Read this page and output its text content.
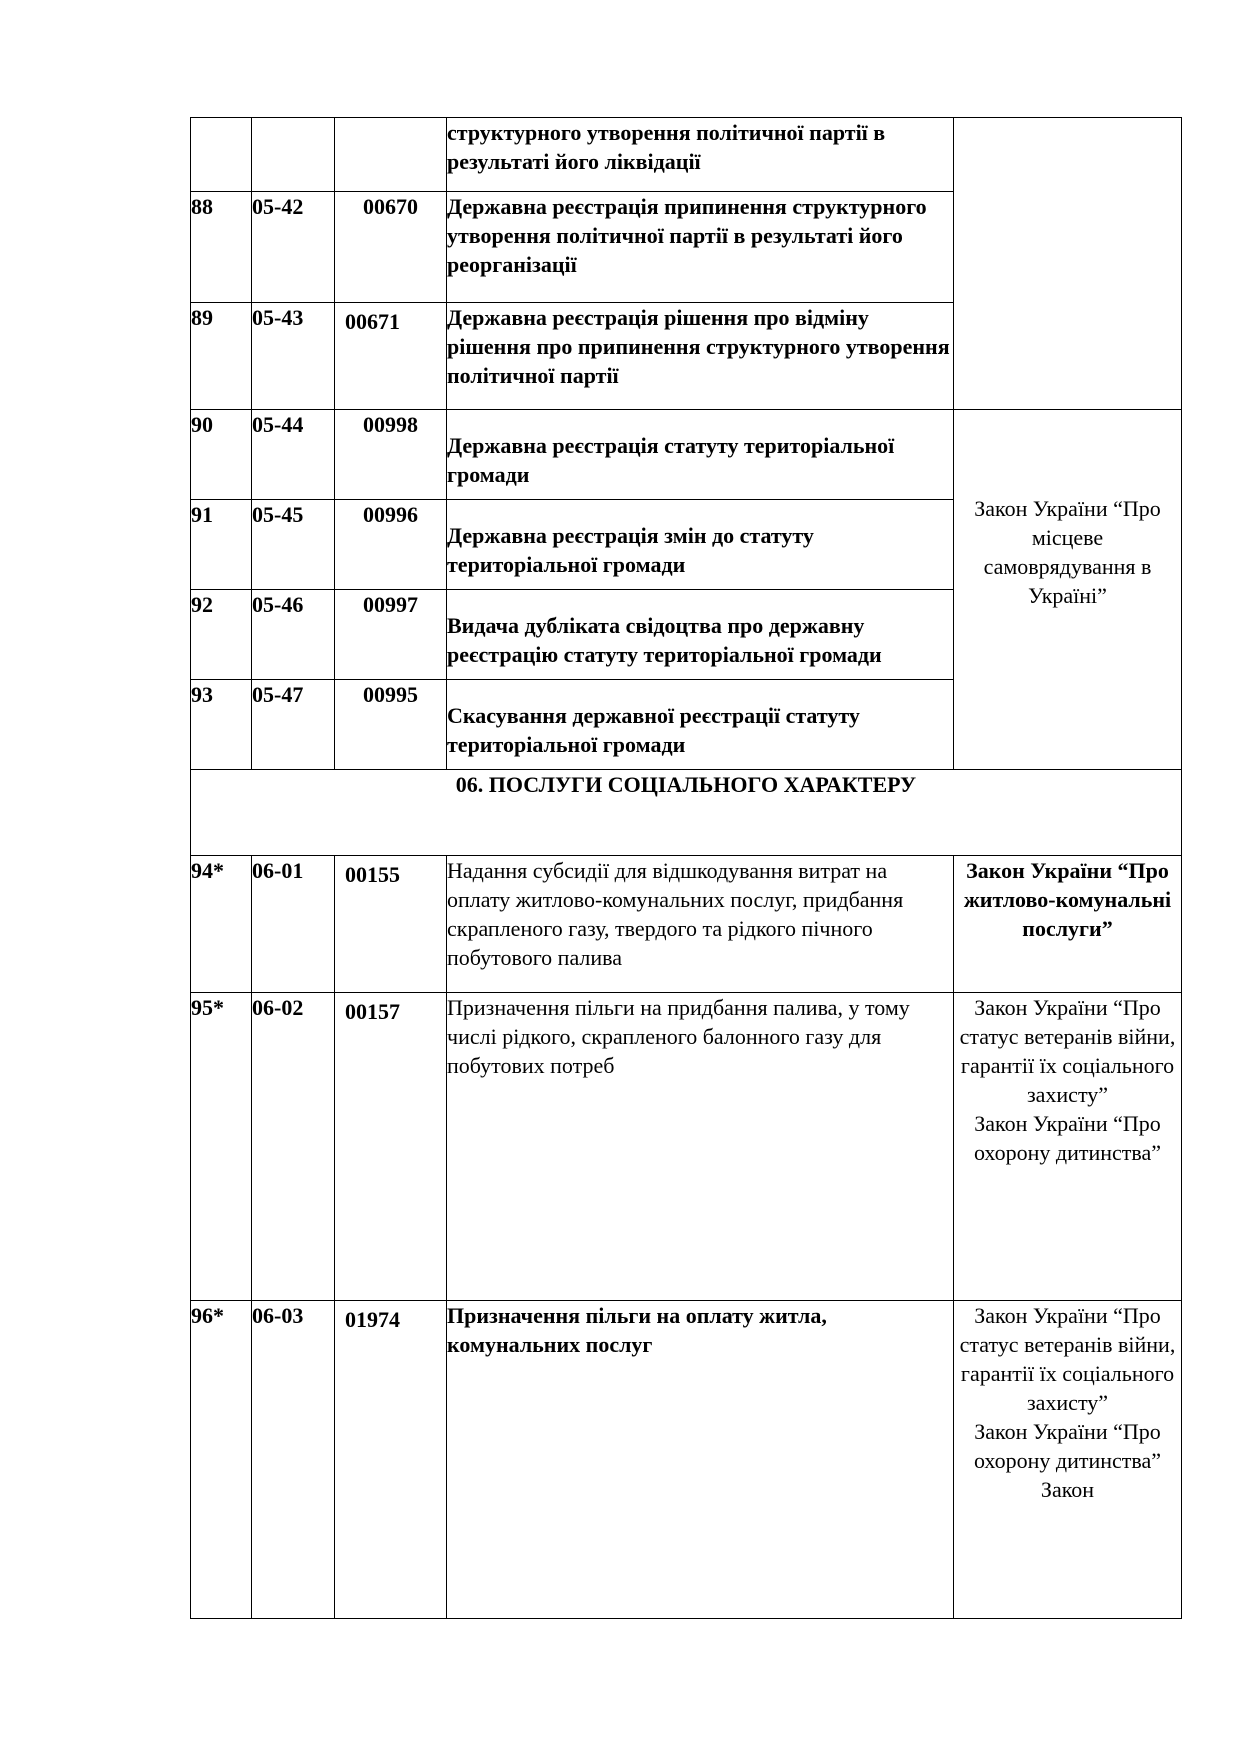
			структурного утворення політичної партії в результаті його ліквідації	
88	05-42	00670	Державна реєстрація припинення структурного утворення політичної партії в результаті його реорганізації	
89	05-43	00671	Державна реєстрація рішення про відміну рішення про припинення структурного утворення політичної партії	
90	05-44	00998	Державна реєстрація статуту територіальної громади	Закон України “Про місцеве самоврядування в Україні”
91	05-45	00996	Державна реєстрація змін до статуту територіальної громади	
92	05-46	00997	Видача дубліката свідоцтва про державну реєстрацію статуту територіальної громади	
93	05-47	00995	Скасування державної реєстрації статуту територіальної громади	
06. ПОСЛУГИ СОЦІАЛЬНОГО ХАРАКТЕРУ				
94*	06-01	00155	Надання субсидії для відшкодування витрат на оплату житлово-комунальних послуг, придбання скрапленого газу, твердого та рідкого пічного побутового палива	Закон України “Про житлово-комунальні послуги”
95*	06-02	00157	Призначення пільги на придбання палива, у тому числі рідкого, скрапленого балонного газу для побутових потреб	Закон України “Про статус ветеранів війни, гарантії їх соціального захисту”
Закон України “Про охорону дитинства”

96*	06-03	01974	Призначення пільги на оплату житла, комунальних послуг	Закон України “Про статус ветеранів війни, гарантії їх соціального захисту”
Закон України “Про охорону дитинства”
Закон
